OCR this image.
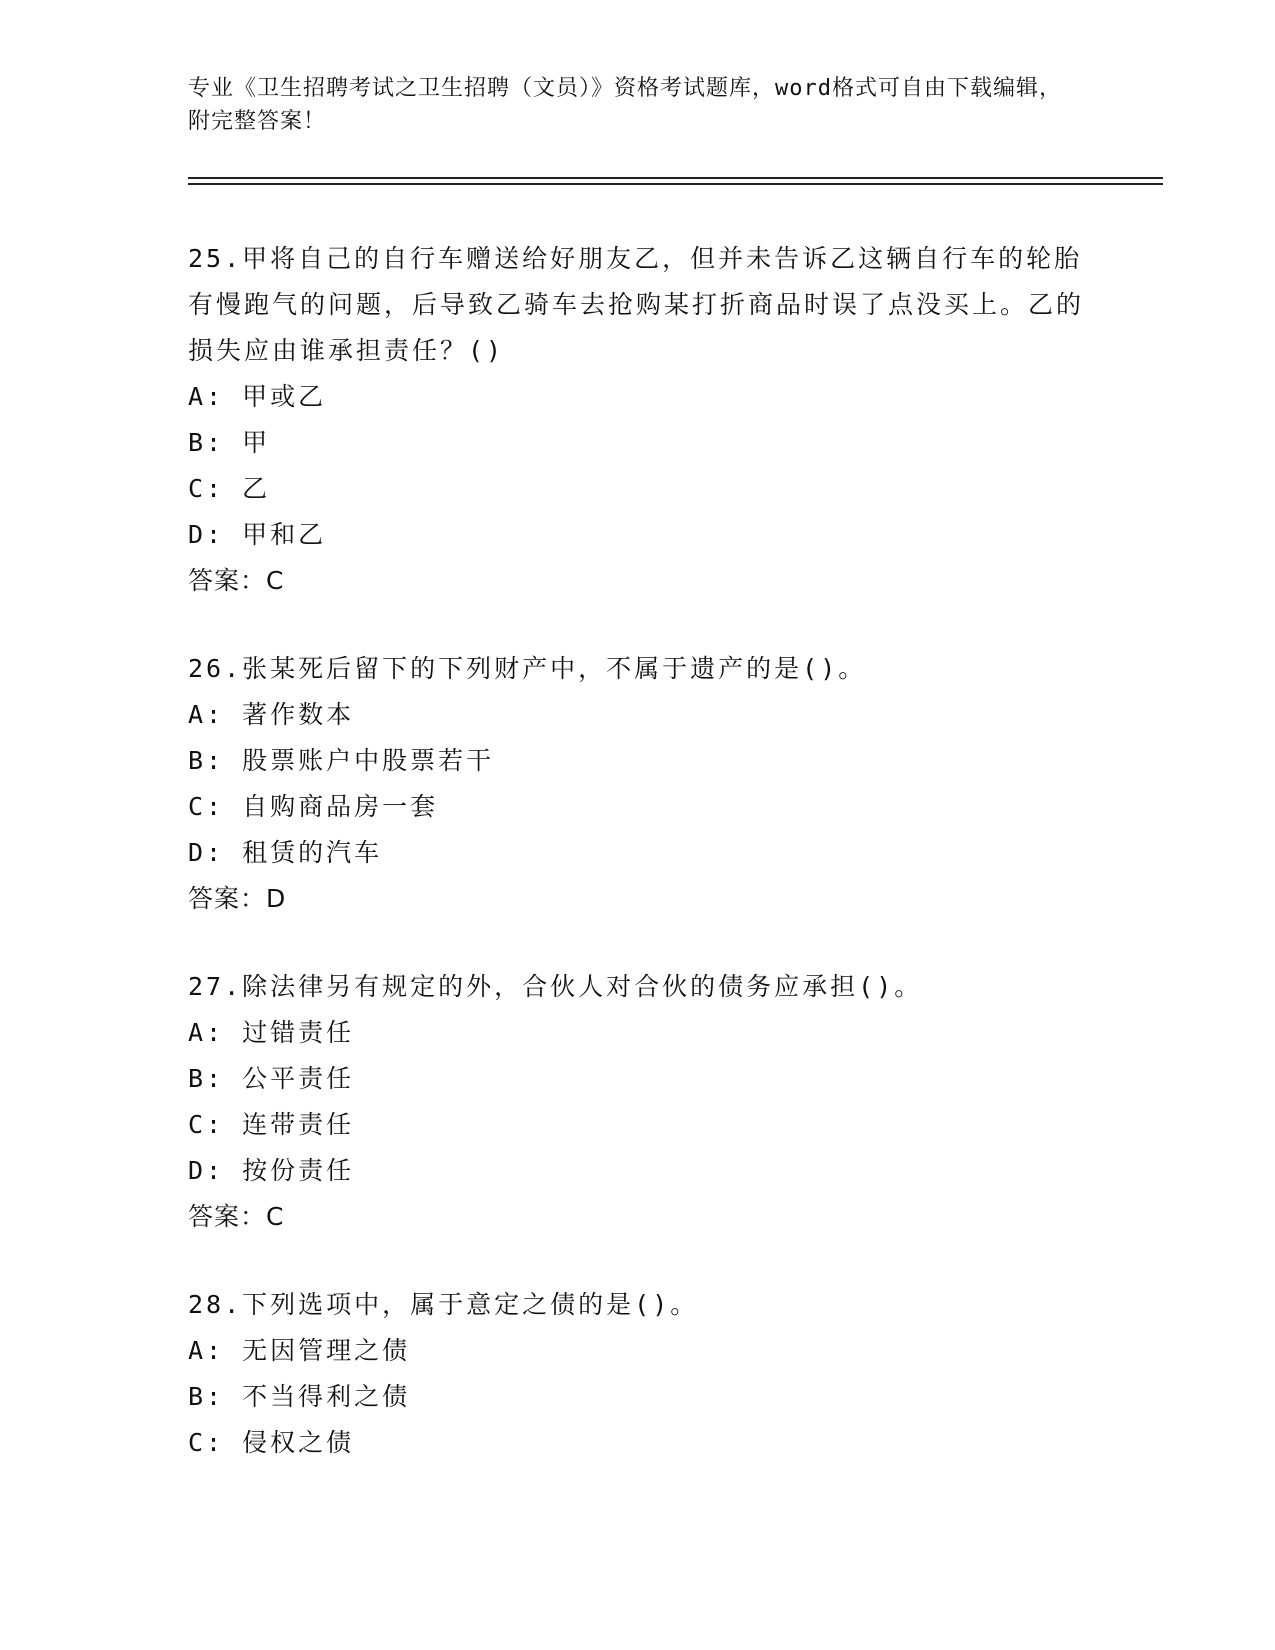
专业《卫生招聘考试之卫生招聘（文员）》资格考试题库，word格式可自由下载编辑，附完整答案！
25.甲将自己的自行车赠送给好朋友乙，但并未告诉乙这辆自行车的轮胎有慢跑气的问题，后导致乙骑车去抢购某打折商品时误了点没买上。乙的损失应由谁承担责任？()
A: 甲或乙
B: 甲
C: 乙
D: 甲和乙
答案：C
26.张某死后留下的下列财产中，不属于遗产的是()。
A: 著作数本
B: 股票账户中股票若干
C: 自购商品房一套
D: 租赁的汽车
答案：D
27.除法律另有规定的外，合伙人对合伙的债务应承担()。
A: 过错责任
B: 公平责任
C: 连带责任
D: 按份责任
答案：C
28.下列选项中，属于意定之债的是()。
A: 无因管理之债
B: 不当得利之债
C: 侵权之债
